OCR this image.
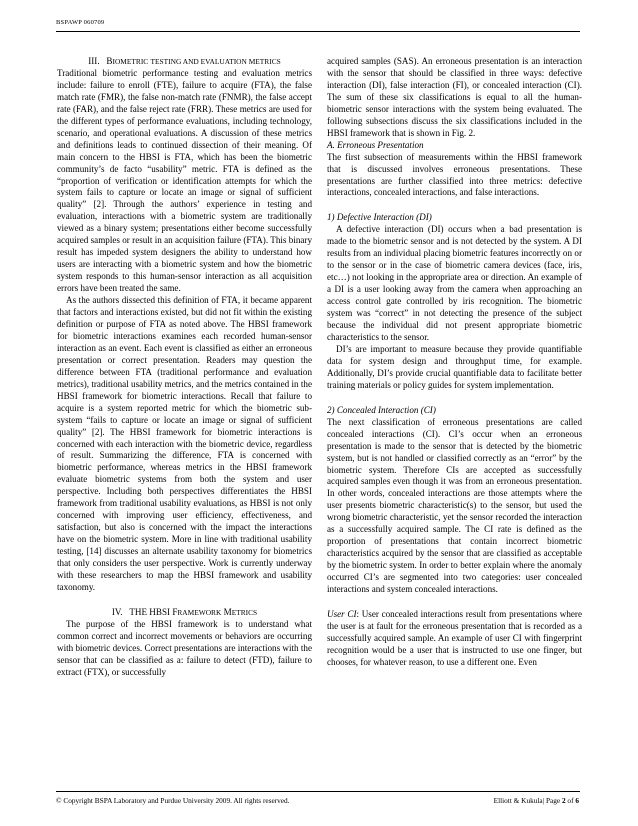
BSPAWP 060709

III. BIOMETRIC TESTING AND EVALUATION METRICS

Traditional biometric performance testing and evaluation metrics include: failure to enroll (FTE), failure to acquire (FTA), the false match rate (FMR), the false non-match rate (FNMR), the false accept rate (FAR), and the false reject rate (FRR). These metrics are used for the different types of performance evaluations, including technology, scenario, and operational evaluations. A discussion of these metrics and definitions leads to continued dissection of their meaning. Of main concern to the HBSI is FTA, which has been the biometric community’s de facto “usability” metric. FTA is defined as the “proportion of verification or identification attempts for which the system fails to capture or locate an image or signal of sufficient quality” [2]. Through the authors’ experience in testing and evaluation, interactions with a biometric system are traditionally viewed as a binary system; presentations either become successfully acquired samples or result in an acquisition failure (FTA). This binary result has impeded system designers the ability to understand how users are interacting with a biometric system and how the biometric system responds to this human-sensor interaction as all acquisition errors have been treated the same.

As the authors dissected this definition of FTA, it became apparent that factors and interactions existed, but did not fit within the existing definition or purpose of FTA as noted above. The HBSI framework for biometric interactions examines each recorded human-sensor interaction as an event. Each event is classified as either an erroneous presentation or correct presentation. Readers may question the difference between FTA (traditional performance and evaluation metrics), traditional usability metrics, and the metrics contained in the HBSI framework for biometric interactions. Recall that failure to acquire is a system reported metric for which the biometric sub-system “fails to capture or locate an image or signal of sufficient quality” [2]. The HBSI framework for biometric interactions is concerned with each interaction with the biometric device, regardless of result. Summarizing the difference, FTA is concerned with biometric performance, whereas metrics in the HBSI framework evaluate biometric systems from both the system and user perspective. Including both perspectives differentiates the HBSI framework from traditional usability evaluations, as HBSI is not only concerned with improving user efficiency, effectiveness, and satisfaction, but also is concerned with the impact the interactions have on the biometric system. More in line with traditional usability testing, [14] discusses an alternate usability taxonomy for biometrics that only considers the user perspective. Work is currently underway with these researchers to map the HBSI framework and usability taxonomy.

IV. THE HBSI FRAMEWORK METRICS

The purpose of the HBSI framework is to understand what common correct and incorrect movements or behaviors are occurring with biometric devices. Correct presentations are interactions with the sensor that can be classified as a: failure to detect (FTD), failure to extract (FTX), or successfully

acquired samples (SAS). An erroneous presentation is an interaction with the sensor that should be classified in three ways: defective interaction (DI), false interaction (FI), or concealed interaction (CI). The sum of these six classifications is equal to all the human-biometric sensor interactions with the system being evaluated. The following subsections discuss the six classifications included in the HBSI framework that is shown in Fig. 2.

A. Erroneous Presentation

The first subsection of measurements within the HBSI framework that is discussed involves erroneous presentations. These presentations are further classified into three metrics: defective interactions, concealed interactions, and false interactions.

1) Defective Interaction (DI)

A defective interaction (DI) occurs when a bad presentation is made to the biometric sensor and is not detected by the system. A DI results from an individual placing biometric features incorrectly on or to the sensor or in the case of biometric camera devices (face, iris, etc…) not looking in the appropriate area or direction. An example of a DI is a user looking away from the camera when approaching an access control gate controlled by iris recognition. The biometric system was “correct” in not detecting the presence of the subject because the individual did not present appropriate biometric characteristics to the sensor.

DI’s are important to measure because they provide quantifiable data for system design and throughput time, for example. Additionally, DI’s provide crucial quantifiable data to facilitate better training materials or policy guides for system implementation.

2) Concealed Interaction (CI)

The next classification of erroneous presentations are called concealed interactions (CI). CI’s occur when an erroneous presentation is made to the sensor that is detected by the biometric system, but is not handled or classified correctly as an “error” by the biometric system. Therefore CIs are accepted as successfully acquired samples even though it was from an erroneous presentation. In other words, concealed interactions are those attempts where the user presents biometric characteristic(s) to the sensor, but used the wrong biometric characteristic, yet the sensor recorded the interaction as a successfully acquired sample. The CI rate is defined as the proportion of presentations that contain incorrect biometric characteristics acquired by the sensor that are classified as acceptable by the biometric system. In order to better explain where the anomaly occurred CI’s are segmented into two categories: user concealed interactions and system concealed interactions.

User CI: User concealed interactions result from presentations where the user is at fault for the erroneous presentation that is recorded as a successfully acquired sample. An example of user CI with fingerprint recognition would be a user that is instructed to use one finger, but chooses, for whatever reason, to use a different one. Even

© Copyright BSPA Laboratory and Purdue University 2009. All rights reserved.	Elliott & Kukula| Page 2 of 6
